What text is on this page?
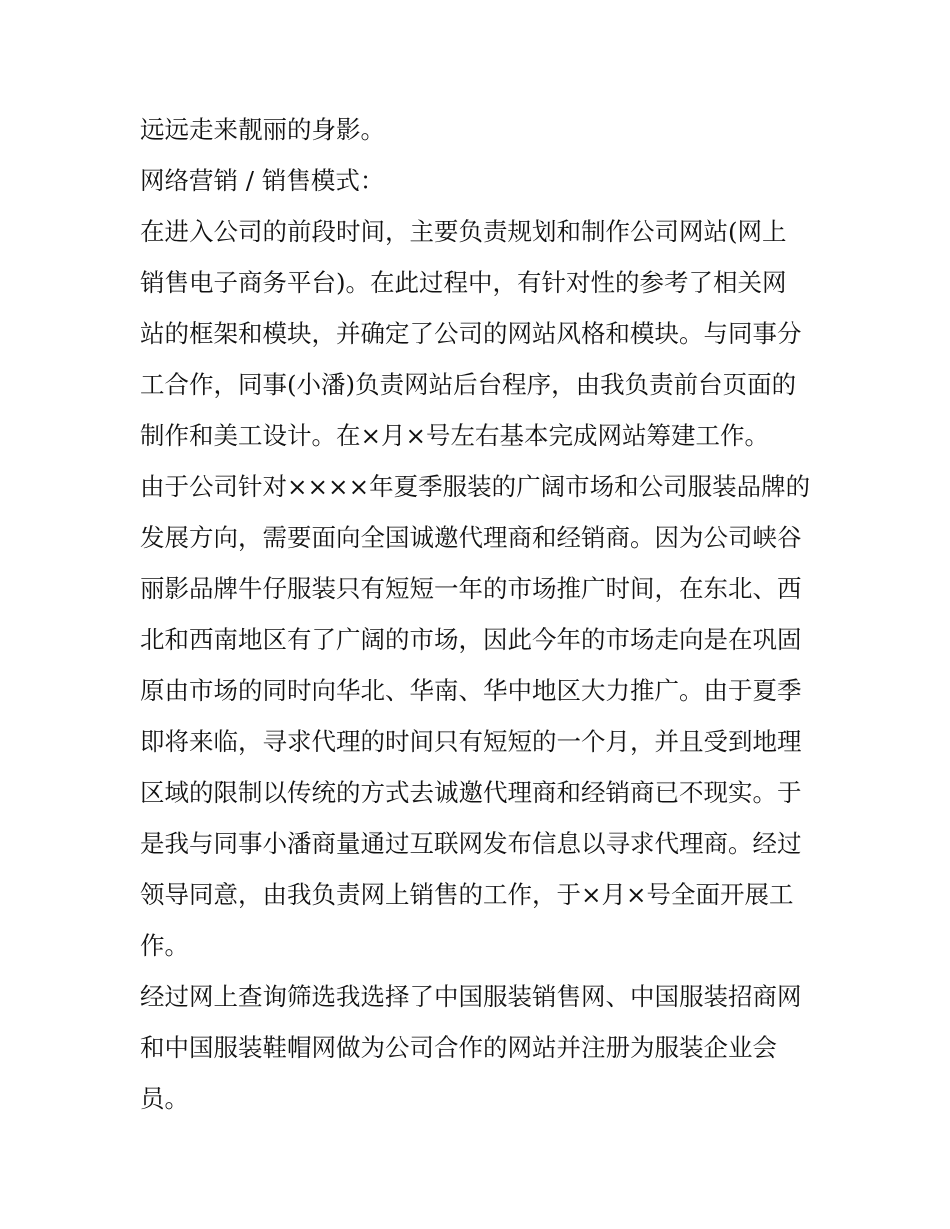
远远走来靓丽的身影。
网络营销 / 销售模式：
在进入公司的前段时间，主要负责规划和制作公司网站(网上
销售电子商务平台)。在此过程中，有针对性的参考了相关网
站的框架和模块，并确定了公司的网站风格和模块。与同事分
工合作，同事(小潘)负责网站后台程序，由我负责前台页面的
制作和美工设计。在×月×号左右基本完成网站筹建工作。
由于公司针对××××年夏季服装的广阔市场和公司服装品牌的
发展方向，需要面向全国诚邀代理商和经销商。因为公司峡谷
丽影品牌牛仔服装只有短短一年的市场推广时间，在东北、西
北和西南地区有了广阔的市场，因此今年的市场走向是在巩固
原由市场的同时向华北、华南、华中地区大力推广。由于夏季
即将来临，寻求代理的时间只有短短的一个月，并且受到地理
区域的限制以传统的方式去诚邀代理商和经销商已不现实。于
是我与同事小潘商量通过互联网发布信息以寻求代理商。经过
领导同意，由我负责网上销售的工作，于×月×号全面开展工
作。
经过网上查询筛选我选择了中国服装销售网、中国服装招商网
和中国服装鞋帽网做为公司合作的网站并注册为服装企业会
员。
